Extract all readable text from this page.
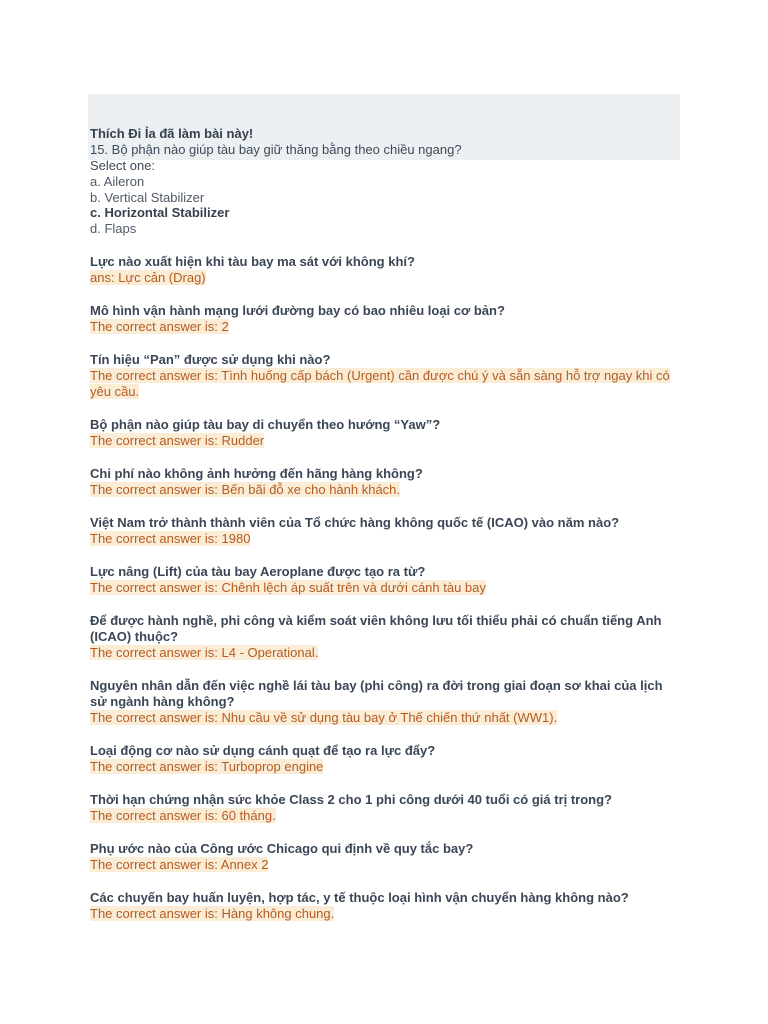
Thích Đi Ỉa đã làm bài này!
15. Bộ phận nào giúp tàu bay giữ thăng bằng theo chiều ngang?
Select one:
a. Aileron
b. Vertical Stabilizer
c. Horizontal Stabilizer
d. Flaps
Lực nào xuất hiện khi tàu bay ma sát với không khí?
ans: Lực cản (Drag)
Mô hình vận hành mạng lưới đường bay có bao nhiêu loại cơ bản?
The correct answer is: 2
Tín hiệu “Pan” được sử dụng khi nào?
The correct answer is: Tình huống cấp bách (Urgent) cần được chú ý và sẵn sàng hỗ trợ ngay khi có yêu cầu.
Bộ phận nào giúp tàu bay di chuyển theo hướng “Yaw”?
The correct answer is: Rudder
Chi phí nào không ảnh hưởng đến hãng hàng không?
The correct answer is: Bến bãi đỗ xe cho hành khách.
Việt Nam trở thành thành viên của Tổ chức hàng không quốc tế (ICAO) vào năm nào?
The correct answer is: 1980
Lực nâng (Lift) của tàu bay Aeroplane được tạo ra từ?
The correct answer is: Chênh lệch áp suất trên và dưới cánh tàu bay
Để được hành nghề, phi công và kiểm soát viên không lưu tối thiểu phải có chuẩn tiếng Anh (ICAO) thuộc?
The correct answer is: L4 - Operational.
Nguyên nhân dẫn đến việc nghề lái tàu bay (phi công) ra đời trong giai đoạn sơ khai của lịch sử ngành hàng không?
The correct answer is: Nhu cầu về sử dụng tàu bay ở Thế chiến thứ nhất (WW1).
Loại động cơ nào sử dụng cánh quạt để tạo ra lực đẩy?
The correct answer is: Turboprop engine
Thời hạn chứng nhận sức khỏe Class 2 cho 1 phi công dưới 40 tuổi có giá trị trong?
The correct answer is: 60 tháng.
Phụ ước nào của Công ước Chicago qui định về quy tắc bay?
The correct answer is: Annex 2
Các chuyến bay huấn luyện, hợp tác, y tế thuộc loại hình vận chuyển hàng không nào?
The correct answer is: Hàng không chung.
